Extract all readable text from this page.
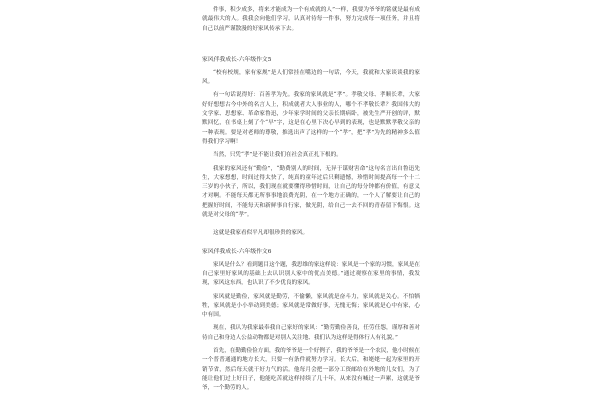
件事，积少成多，将来才能成为一个有成就的人”一样，我要为爷爷的铭就是最有成就最伟大的人。我我会向他们学习，认真对待每一件事，努力完成每一项任务，并且将自己以前严谨散漫的好家风传承下去。

家风伴我成长-六年级作文5

“校有校规，家有家规”是人们常挂在嘴边的一句话，今天，我就和大家谈谈我的家风。

有一句话说得好：百善孝为先。我家的家风就是“孝”。孝敬父母、孝顺长辈，大家好好想想古今中外的名言人上，积成就者大人事业的人，哪个不孝敬长辈？我国伟大的文学家、思想家、革命家鲁迅，少年家学时间的父亲长期病卧，被先生严开创的评，默默回忆，在书桌上刻了个“早”字，这是在心里下决心早到的表现，也是默默孝敬父亲的一种表现。要是对老师的尊敬，推选出声了这样的一个“孝”，把“孝”为先的精神多么值得我们学习啊！

当然，只凭“孝”是不能让我们在社会真正扎下根的。

我家的家风还有“勤俭”，“勤费别人的时间，无异于谋财害命”这句名言出自鲁迅先生，大家想想，时间过得太快了，纯真的童年过后只剩遗憾，珍惜时间提高每一个十二三岁的小伙子，所以，我们现在就要懂得珍惜时间，让自己的每分钟都有价值，有意义才对啊。不能每天都无所事事地浪费光阴，在一个地方正确的，一个人了解要让自己的把握好时间，不能每天和新鲜事自行家，做光阴，给自己一去不回的青春留下悔恨。这就是对父母的“孝”。

这就是我家看似平凡却很珍贵的家风。

家风伴我成长-六年级作文6

家风是什么？看到题目这个题，我思维的家这样说：家风是一个家的习惯，家风是在自己家里好家风的基础上去认识别人家中的优点美德。”通过观察在家里的事情，我发现，家风这东西，也认识了不少优良的家风。

家风就是勤俭，家风就是勤劳，不偷懒，家风就是奋斗力，家风就是关心。不怕牺牲，家风就是小小举动到美德；家风就是常做好事，无愧无悔；家风就是心中有家，心中有国。

现在，我认为我家最奉我自己家好的家风：“勤劳勤俭善良，任劳任怨，谨厚和善对待自己和身边人公益动物都是对别人关注地、我们认为这样是得体行人有礼貌。”

首先，在勤勤俭俭方面，我的爷爷是一个好例子，我的爷爷是一个农民，他小时候在一个普普通通的地方长大，只要一有条件就努力学习。长大后，和姥姥一起为家里的开销节省，然后每天就干好力气的活。他每月会把一部分工资邮给在外地的儿女们，为了能让他们过上好日子，他能吃苦就这样持续了几十年，从来没有喊过一声累，这就是爷爷，一个勤劳的人。
